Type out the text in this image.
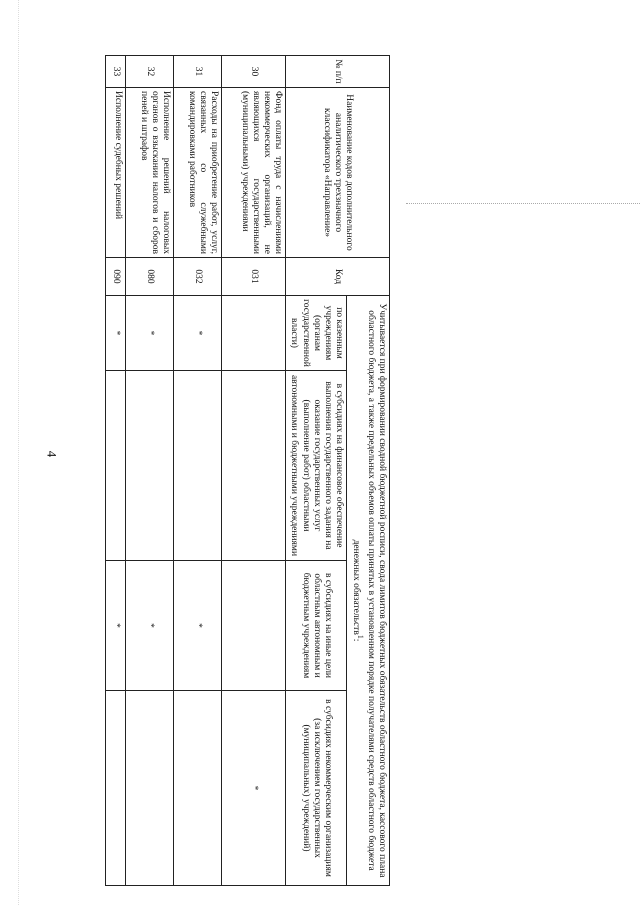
4
№ п/п	Наименование кодов дополнительного аналитического трехзначного классификатора «Направление»	Код	Учитывается при формировании сводной бюджетной росписи, свода лимитов бюджетных обязательств областного бюджета, кассового плана областного бюджета, а также предельных объемов оплаты принятых в установленном порядке получателями средств областного бюджета денежных обязательств$^1$:			
			по казенным учреждениям (органам государственной власти)	в субсидиях на финансовое обеспечение выполнения государственного задания на оказание государственных услуг (выполнение работ) областными автономными и бюджетными учреждениями	в субсидиях на иные цели областным автономным и бюджетным учреждениям	в субсидиях некоммерческим организациям (за исключением государственных (муниципальных) учреждений)
30	Фонд оплаты труда с начислениями некоммерческих организаций, не являющихся государственными (муниципальными) учреждениями	031				*
31	Расходы на приобретение работ, услуг, связанных со служебными командировками работников	032	*		*	
32	Исполнение решений налоговых органов о взыскании налогов и сборов пеней и штрафов	080	*		*	
33	Исполнение судебных решений	090	*		*	
